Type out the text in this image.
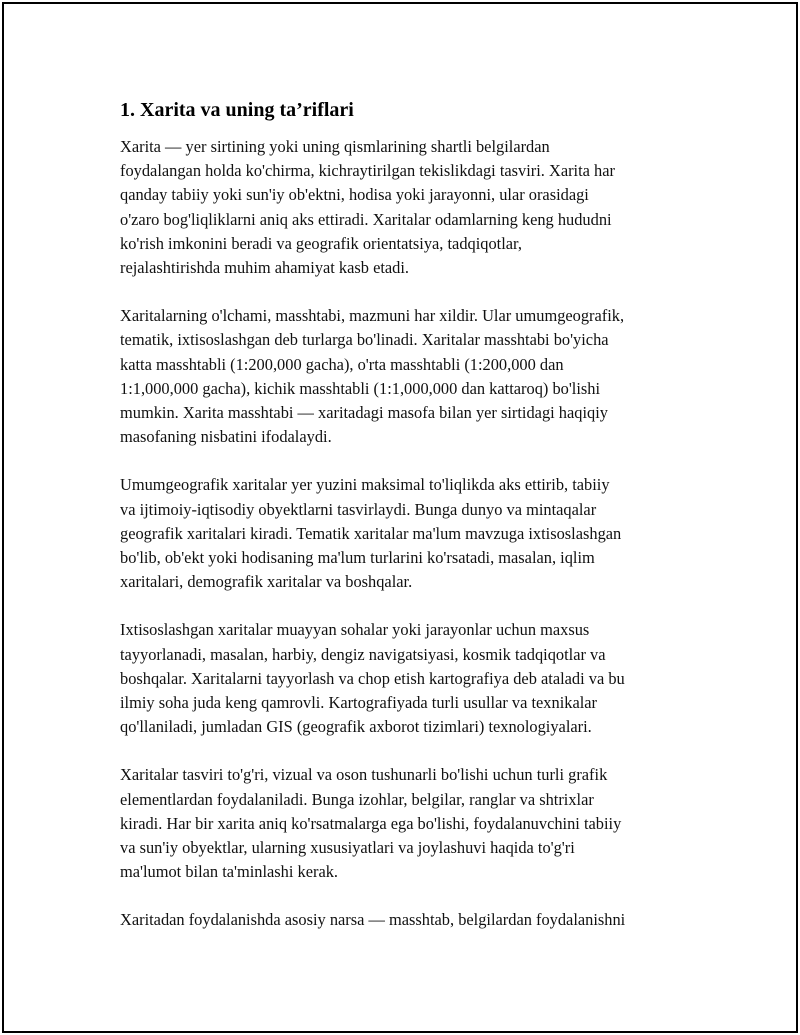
1. Xarita va uning ta’riflari

Xarita — yer sirtining yoki uning qismlarining shartli belgilardan
foydalangan holda ko'chirma, kichraytirilgan tekislikdagi tasviri. Xarita har
qanday tabiiy yoki sun'iy ob'ektni, hodisa yoki jarayonni, ular orasidagi
o'zaro bog'liqliklarni aniq aks ettiradi. Xaritalar odamlarning keng hududni
ko'rish imkonini beradi va geografik orientatsiya, tadqiqotlar,
rejalashtirishda muhim ahamiyat kasb etadi.

Xaritalarning o'lchami, masshtabi, mazmuni har xildir. Ular umumgeografik,
tematik, ixtisoslashgan deb turlarga bo'linadi. Xaritalar masshtabi bo'yicha
katta masshtabli (1:200,000 gacha), o'rta masshtabli (1:200,000 dan
1:1,000,000 gacha), kichik masshtabli (1:1,000,000 dan kattaroq) bo'lishi
mumkin. Xarita masshtabi — xaritadagi masofa bilan yer sirtidagi haqiqiy
masofaning nisbatini ifodalaydi.

Umumgeografik xaritalar yer yuzini maksimal to'liqlikda aks ettirib, tabiiy
va ijtimoiy-iqtisodiy obyektlarni tasvirlaydi. Bunga dunyo va mintaqalar
geografik xaritalari kiradi. Tematik xaritalar ma'lum mavzuga ixtisoslashgan
bo'lib, ob'ekt yoki hodisaning ma'lum turlarini ko'rsatadi, masalan, iqlim
xaritalari, demografik xaritalar va boshqalar.

Ixtisoslashgan xaritalar muayyan sohalar yoki jarayonlar uchun maxsus
tayyorlanadi, masalan, harbiy, dengiz navigatsiyasi, kosmik tadqiqotlar va
boshqalar. Xaritalarni tayyorlash va chop etish kartografiya deb ataladi va bu
ilmiy soha juda keng qamrovli. Kartografiyada turli usullar va texnikalar
qo'llaniladi, jumladan GIS (geografik axborot tizimlari) texnologiyalari.

Xaritalar tasviri to'g'ri, vizual va oson tushunarli bo'lishi uchun turli grafik
elementlardan foydalaniladi. Bunga izohlar, belgilar, ranglar va shtrixlar
kiradi. Har bir xarita aniq ko'rsatmalarga ega bo'lishi, foydalanuvchini tabiiy
va sun'iy obyektlar, ularning xususiyatlari va joylashuvi haqida to'g'ri
ma'lumot bilan ta'minlashi kerak.

Xaritadan foydalanishda asosiy narsa — masshtab, belgilardan foydalanishni
